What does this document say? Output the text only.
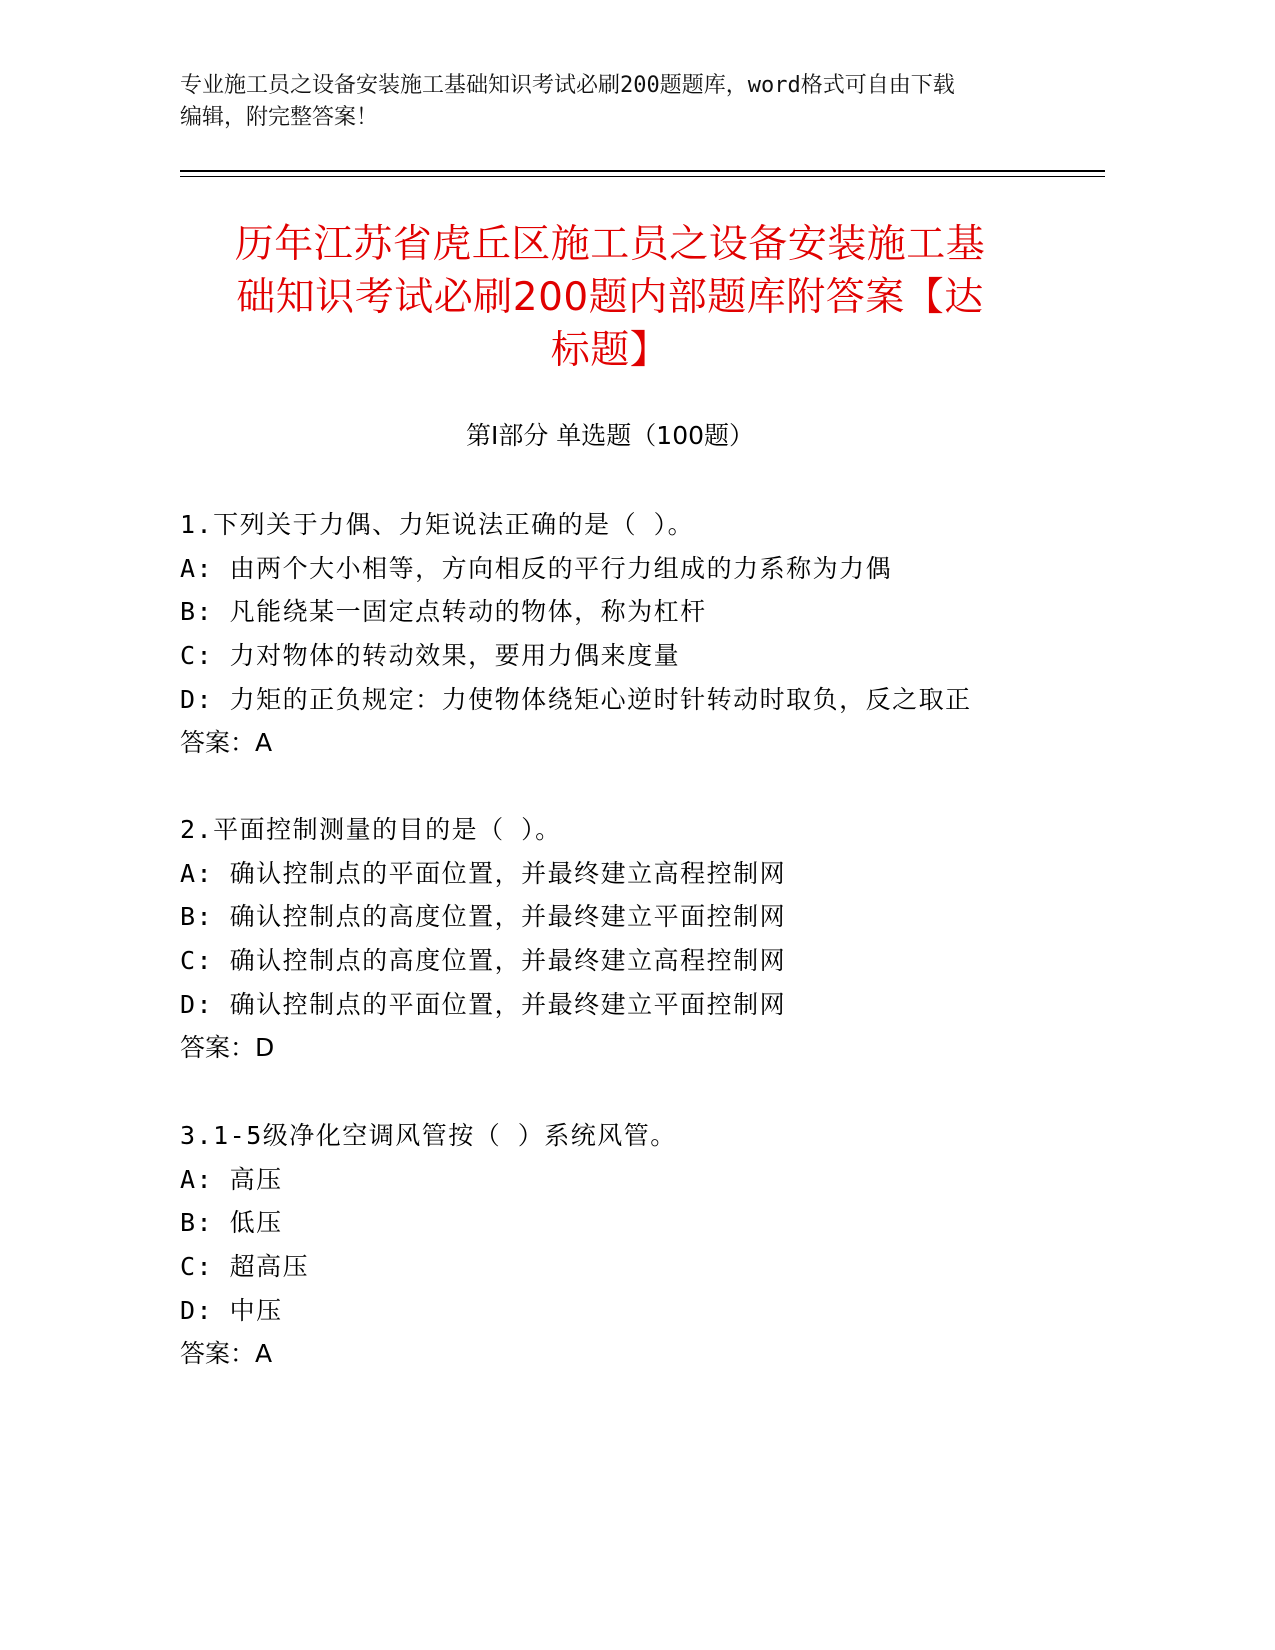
专业施工员之设备安装施工基础知识考试必刷200题题库，word格式可自由下载
编辑，附完整答案！
历年江苏省虎丘区施工员之设备安装施工基
础知识考试必刷200题内部题库附答案【达
标题】
第Ⅰ部分 单选题（100题）
1.下列关于力偶、力矩说法正确的是（ ）。
A: 由两个大小相等，方向相反的平行力组成的力系称为力偶
B: 凡能绕某一固定点转动的物体，称为杠杆
C: 力对物体的转动效果，要用力偶来度量
D: 力矩的正负规定：力使物体绕矩心逆时针转动时取负，反之取正
答案：A
2.平面控制测量的目的是（ ）。
A: 确认控制点的平面位置，并最终建立高程控制网
B: 确认控制点的高度位置，并最终建立平面控制网
C: 确认控制点的高度位置，并最终建立高程控制网
D: 确认控制点的平面位置，并最终建立平面控制网
答案：D
3.1-5级净化空调风管按（ ）系统风管。
A: 高压
B: 低压
C: 超高压
D: 中压
答案：A
